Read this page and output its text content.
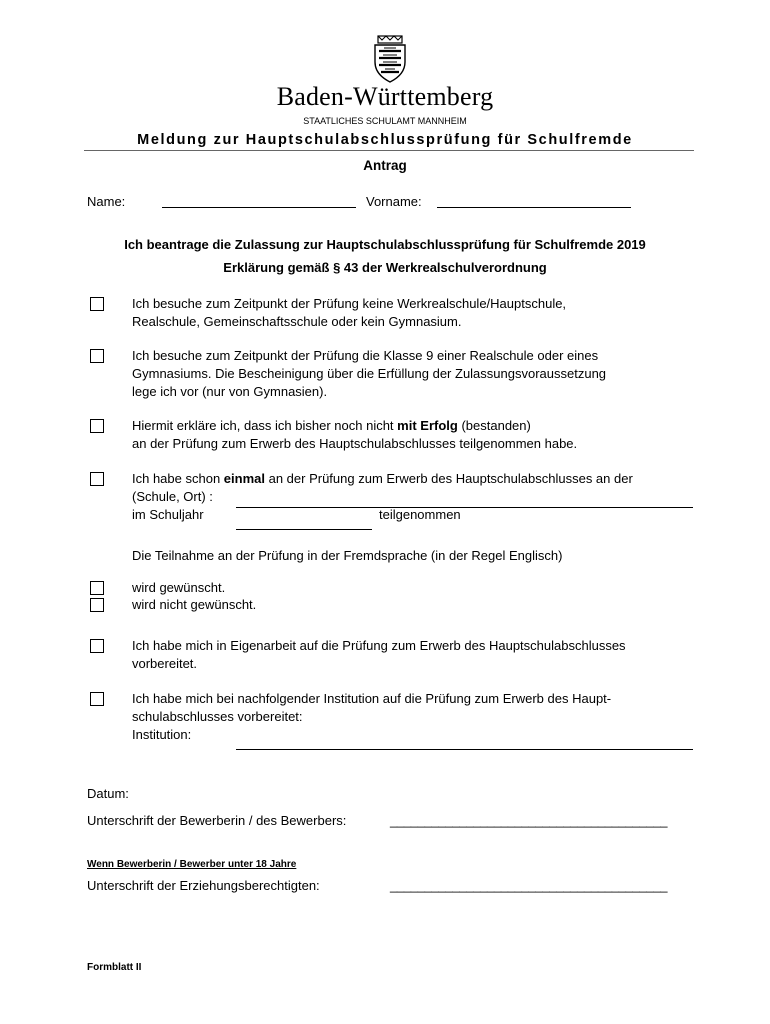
Baden-Württemberg
STAATLICHES SCHULAMT MANNHEIM
Meldung zur Hauptschulabschlussprüfung für Schulfremde
Antrag
Name:	Vorname:
Ich beantrage die Zulassung zur Hauptschulabschlussprüfung für Schulfremde 2019
Erklärung gemäß § 43 der Werkrealschulverordnung
Ich besuche zum Zeitpunkt der Prüfung keine Werkrealschule/Hauptschule,
Realschule, Gemeinschaftsschule oder kein Gymnasium.
Ich besuche zum Zeitpunkt der Prüfung die Klasse 9 einer Realschule oder eines
Gymnasiums. Die Bescheinigung über die Erfüllung der Zulassungsvoraussetzung
lege ich vor (nur von Gymnasien).
Hiermit erkläre ich, dass ich bisher noch nicht mit Erfolg (bestanden)
an der Prüfung zum Erwerb des Hauptschulabschlusses teilgenommen habe.
Ich habe schon einmal an der Prüfung zum Erwerb des Hauptschulabschlusses an der
(Schule, Ort) :
im Schuljahr	teilgenommen
Die Teilnahme an der Prüfung in der Fremdsprache (in der Regel Englisch)
wird gewünscht.
wird nicht gewünscht.
Ich habe mich in Eigenarbeit auf die Prüfung zum Erwerb des Hauptschulabschlusses
vorbereitet.
Ich habe mich bei nachfolgender Institution auf die Prüfung zum Erwerb des Haupt-
schulabschlusses vorbereitet:
Institution:
Datum:
Unterschrift der Bewerberin / des Bewerbers:	________________________________________
Wenn Bewerberin / Bewerber unter 18 Jahre
Unterschrift der Erziehungsberechtigten:	________________________________________
Formblatt II
